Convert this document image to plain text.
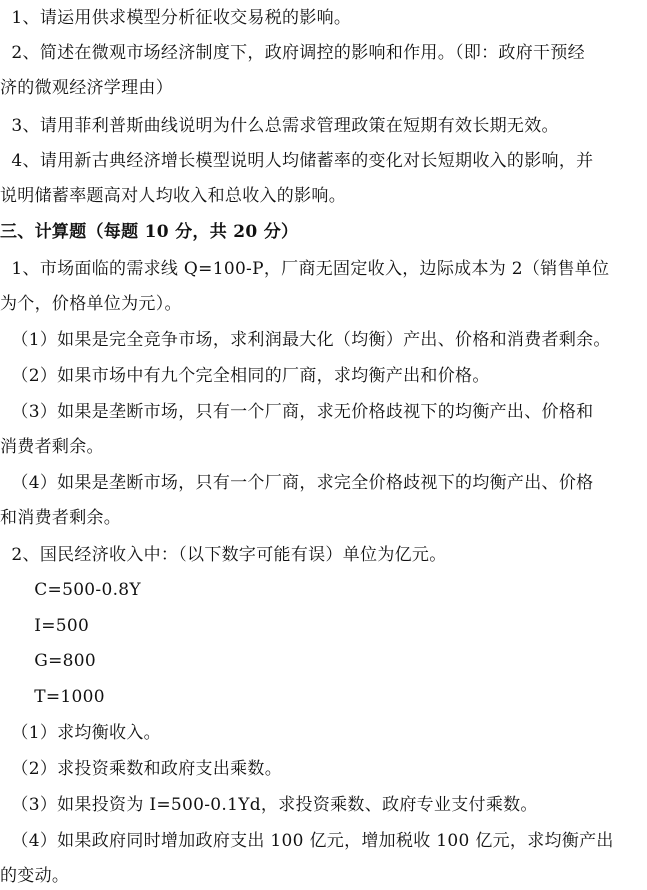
1、请运用供求模型分析征收交易税的影响。
2、简述在微观市场经济制度下，政府调控的影响和作用。（即：政府干预经
济的微观经济学理由）
3、请用菲利普斯曲线说明为什么总需求管理政策在短期有效长期无效。
4、请用新古典经济增长模型说明人均储蓄率的变化对长短期收入的影响，并
说明储蓄率题高对人均收入和总收入的影响。
三、计算题（每题 10 分，共 20 分）
1、市场面临的需求线 Q=100-P，厂商无固定收入，边际成本为 2（销售单位
为个，价格单位为元）。
（1）如果是完全竞争市场，求利润最大化（均衡）产出、价格和消费者剩余。
（2）如果市场中有九个完全相同的厂商，求均衡产出和价格。
（3）如果是垄断市场，只有一个厂商，求无价格歧视下的均衡产出、价格和
消费者剩余。
（4）如果是垄断市场，只有一个厂商，求完全价格歧视下的均衡产出、价格
和消费者剩余。
2、国民经济收入中：（以下数字可能有误）单位为亿元。
C=500-0.8Y
I=500
G=800
T=1000
（1）求均衡收入。
（2）求投资乘数和政府支出乘数。
（3）如果投资为 I=500-0.1Yd，求投资乘数、政府专业支付乘数。
（4）如果政府同时增加政府支出 100 亿元，增加税收 100 亿元，求均衡产出
的变动。
